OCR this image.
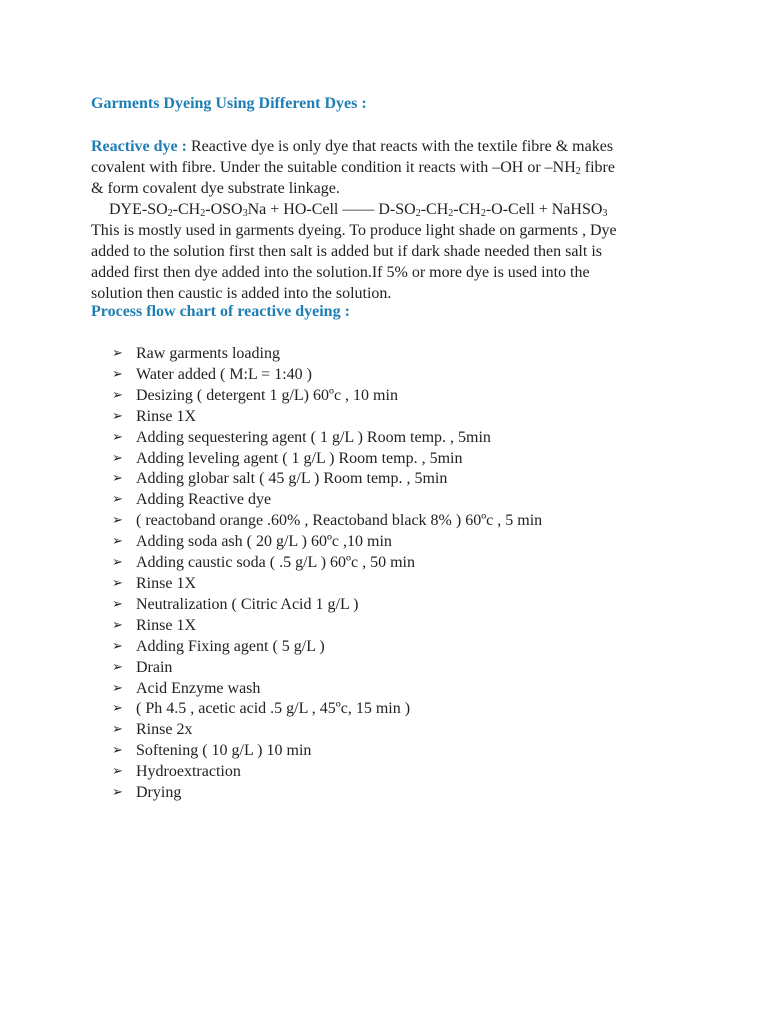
Garments Dyeing Using Different Dyes :
Reactive dye : Reactive dye is only dye that reacts with the textile fibre & makes
covalent with fibre. Under the suitable condition it reacts with –OH or $-NH_2$ fibre
& form covalent dye substrate linkage.
DYE-$SO_2-CH_2-OSO_3Na$ + HO-Cell —— $D-SO_2-CH_2-CH_2-O$-Cell + NaHSO$_3$
This is mostly used in garments dyeing. To produce light shade on garments , Dye
added to the solution first then salt is added but if dark shade needed then salt is
added first then dye added into the solution.If 5% or more dye is used into the
solution then caustic is added into the solution.
Process flow chart of reactive dyeing :
➢ Raw garments loading
➢ Water added ( M:L = 1:40 )
➢ Desizing ( detergent 1 g/L) 60ºc , 10 min
➢ Rinse 1X
➢ Adding sequestering agent ( 1 g/L ) Room temp. , 5min
➢ Adding leveling agent ( 1 g/L ) Room temp. , 5min
➢ Adding globar salt ( 45 g/L ) Room temp. , 5min
➢ Adding Reactive dye
➢ ( reactoband orange .60% , Reactoband black 8% ) 60ºc , 5 min
➢ Adding soda ash ( 20 g/L ) 60ºc ,10 min
➢ Adding caustic soda ( .5 g/L ) 60ºc , 50 min
➢ Rinse 1X
➢ Neutralization ( Citric Acid 1 g/L )
➢ Rinse 1X
➢ Adding Fixing agent ( 5 g/L )
➢ Drain
➢ Acid Enzyme wash
➢ ( Ph 4.5 , acetic acid .5 g/L , 45ºc, 15 min )
➢ Rinse 2x
➢ Softening ( 10 g/L ) 10 min
➢ Hydroextraction
➢ Drying
